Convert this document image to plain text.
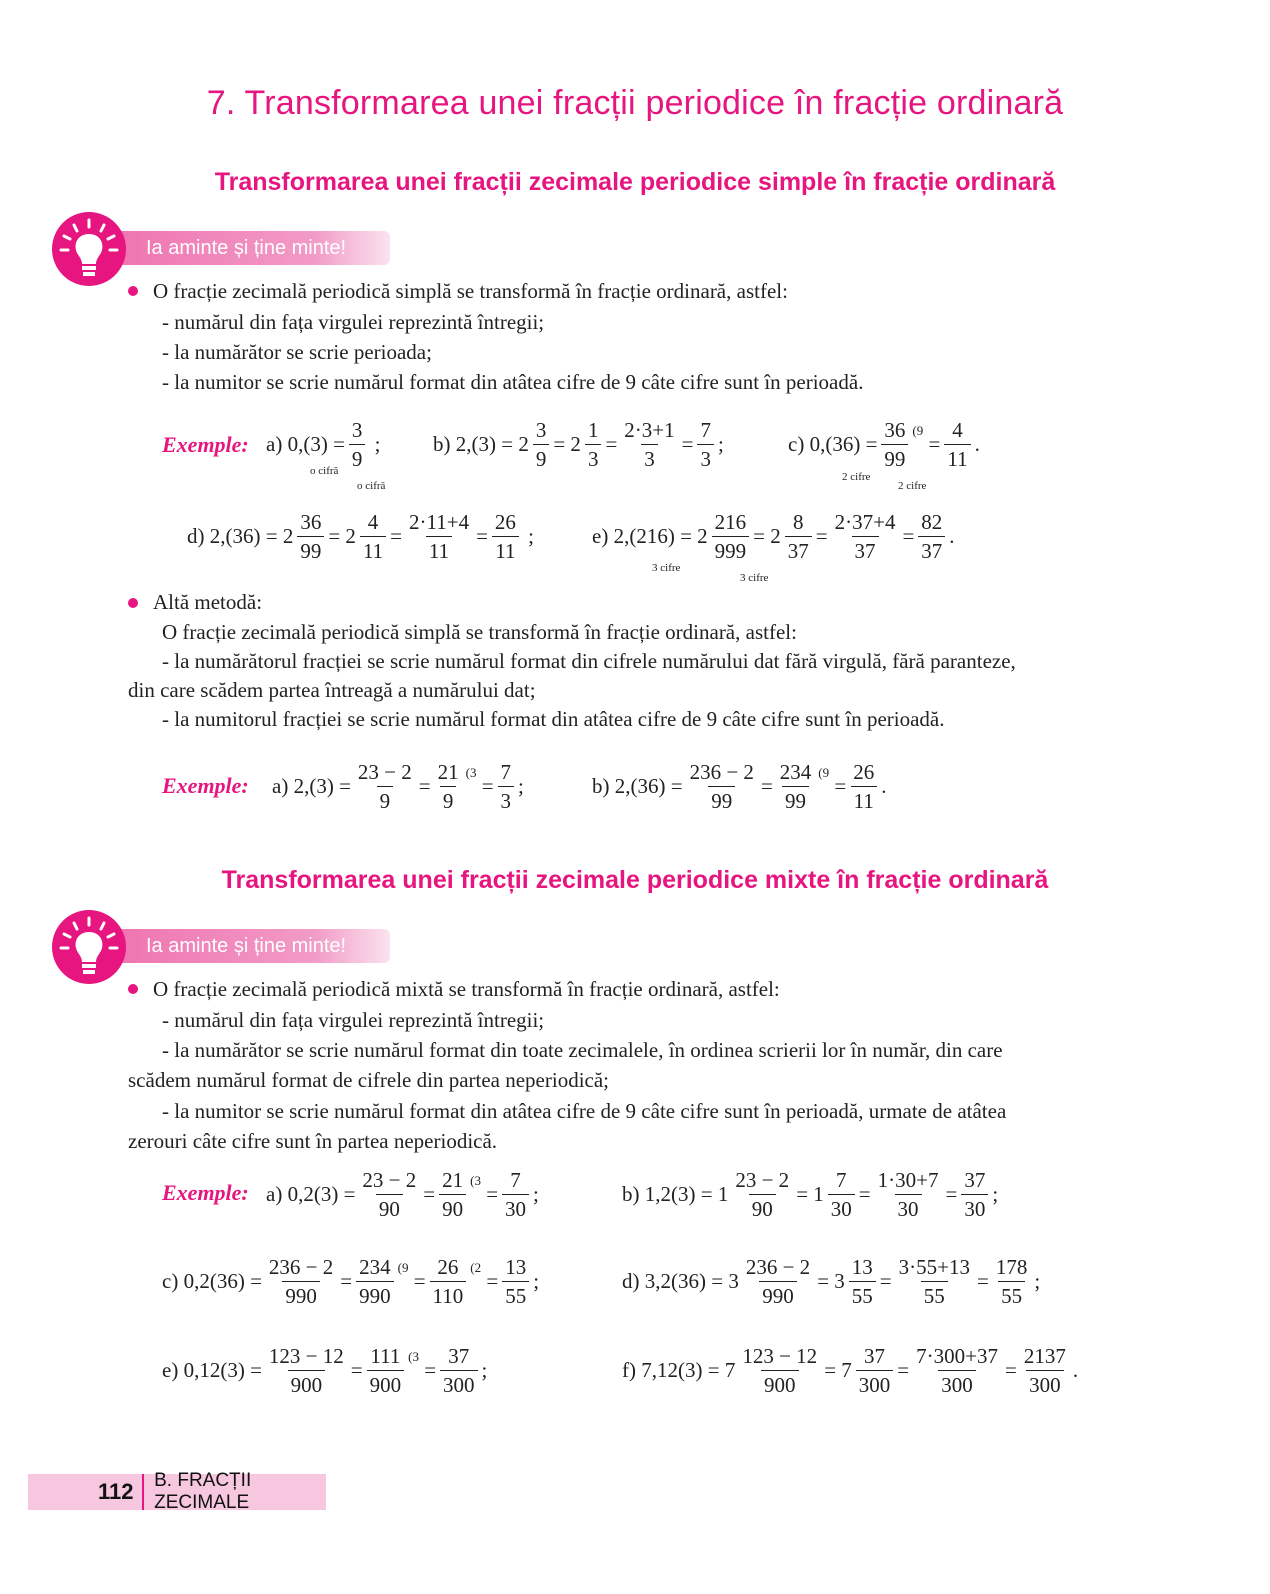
7. Transformarea unei fracții periodice în fracție ordinară
Transformarea unei fracții zecimale periodice simple în fracție ordinară
Ia aminte și ține minte!
O fracție zecimală periodică simplă se transformă în fracție ordinară, astfel:
- numărul din fața virgulei reprezintă întregii;
- la numărător se scrie perioada;
- la numitor se scrie numărul format din atâtea cifre de 9 câte cifre sunt în perioadă.
Exemple: a)
$0,(3) = \frac{3}{9}$ ;
o cifră
o cifră
b)
$2,(3) = 2 \frac{3}{9} = 2 \frac{1}{3} = \frac{2\cdot 3+1}{3} = \frac{7}{3}$ ;	c)
$0,(36) = \frac{36}{99} (9$
= $\frac{4}{11}$ .
2 cifre
2 cifre
d)
$2,(36) = 2 \frac{36}{99} = 2 \frac{4}{11} = \frac{2\cdot 11+4}{11} = \frac{26}{11}$ ;	e)
$2,(216) = 2 \frac{216}{999} = 2 \frac{8}{37} = \frac{2\cdot 37+4}{37} = \frac{82}{37}$ .
3 cifre
3 cifre
Altă metodă:
O fracție zecimală periodică simplă se transformă în fracție ordinară, astfel:
- la numărătorul fracției se scrie numărul format din cifrele numărului dat fără virgulă, fără paranteze,
din care scădem partea întreagă a numărului dat;
- la numitorul fracției se scrie numărul format din atâtea cifre de 9 câte cifre sunt în perioadă.
Exemple: a)
$2,(3) = \frac{23 - 2}{9} = \frac{21}{9} (3$
= $\frac{7}{3}$ ;	b)
$2,(36) = \frac{236 - 2}{99} = \frac{234}{99} (9$
= $\frac{26}{11}$ .
Transformarea unei fracții zecimale periodice mixte în fracție ordinară
Ia aminte și ține minte!
O fracție zecimală periodică mixtă se transformă în fracție ordinară, astfel:
- numărul din fața virgulei reprezintă întregii;
- la numărător se scrie numărul format din toate zecimalele, în ordinea scrierii lor în număr, din care
scădem numărul format de cifrele din partea neperiodică;
- la numitor se scrie numărul format din atâtea cifre de 9 câte cifre sunt în perioadă, urmate de atâtea
zerouri câte cifre sunt în partea neperiodică.
Exemple: a)
$0,2(3) = \frac{23 - 2}{90} = \frac{21}{90} (3$
= $\frac{7}{30}$ ;	b)
$1,2(3) = 1 \frac{23 - 2}{90} = 1 \frac{7}{30} = \frac{1\cdot 30+7}{30} = \frac{37}{30}$ ;
c)
$0,2(36) = \frac{236 - 2}{990} = \frac{234}{990} (9$
= $\frac{26}{110} (2$
= $\frac{13}{55}$ ;	d)
$3,2(36) = 3 \frac{236 - 2}{990} = 3 \frac{13}{55} = \frac{3\cdot 55+13}{55} = \frac{178}{55}$ ;
e)
$0,12(3) = \frac{123 - 12}{900} = \frac{111}{900} (3$
= $\frac{37}{300}$ ;	f)
$7,12(3) = 7 \frac{123 - 12}{900} = 7 \frac{37}{300} = \frac{7\cdot 300+37}{300} = \frac{2137}{300}$ .
112 B. FRACȚII ZECIMALE
